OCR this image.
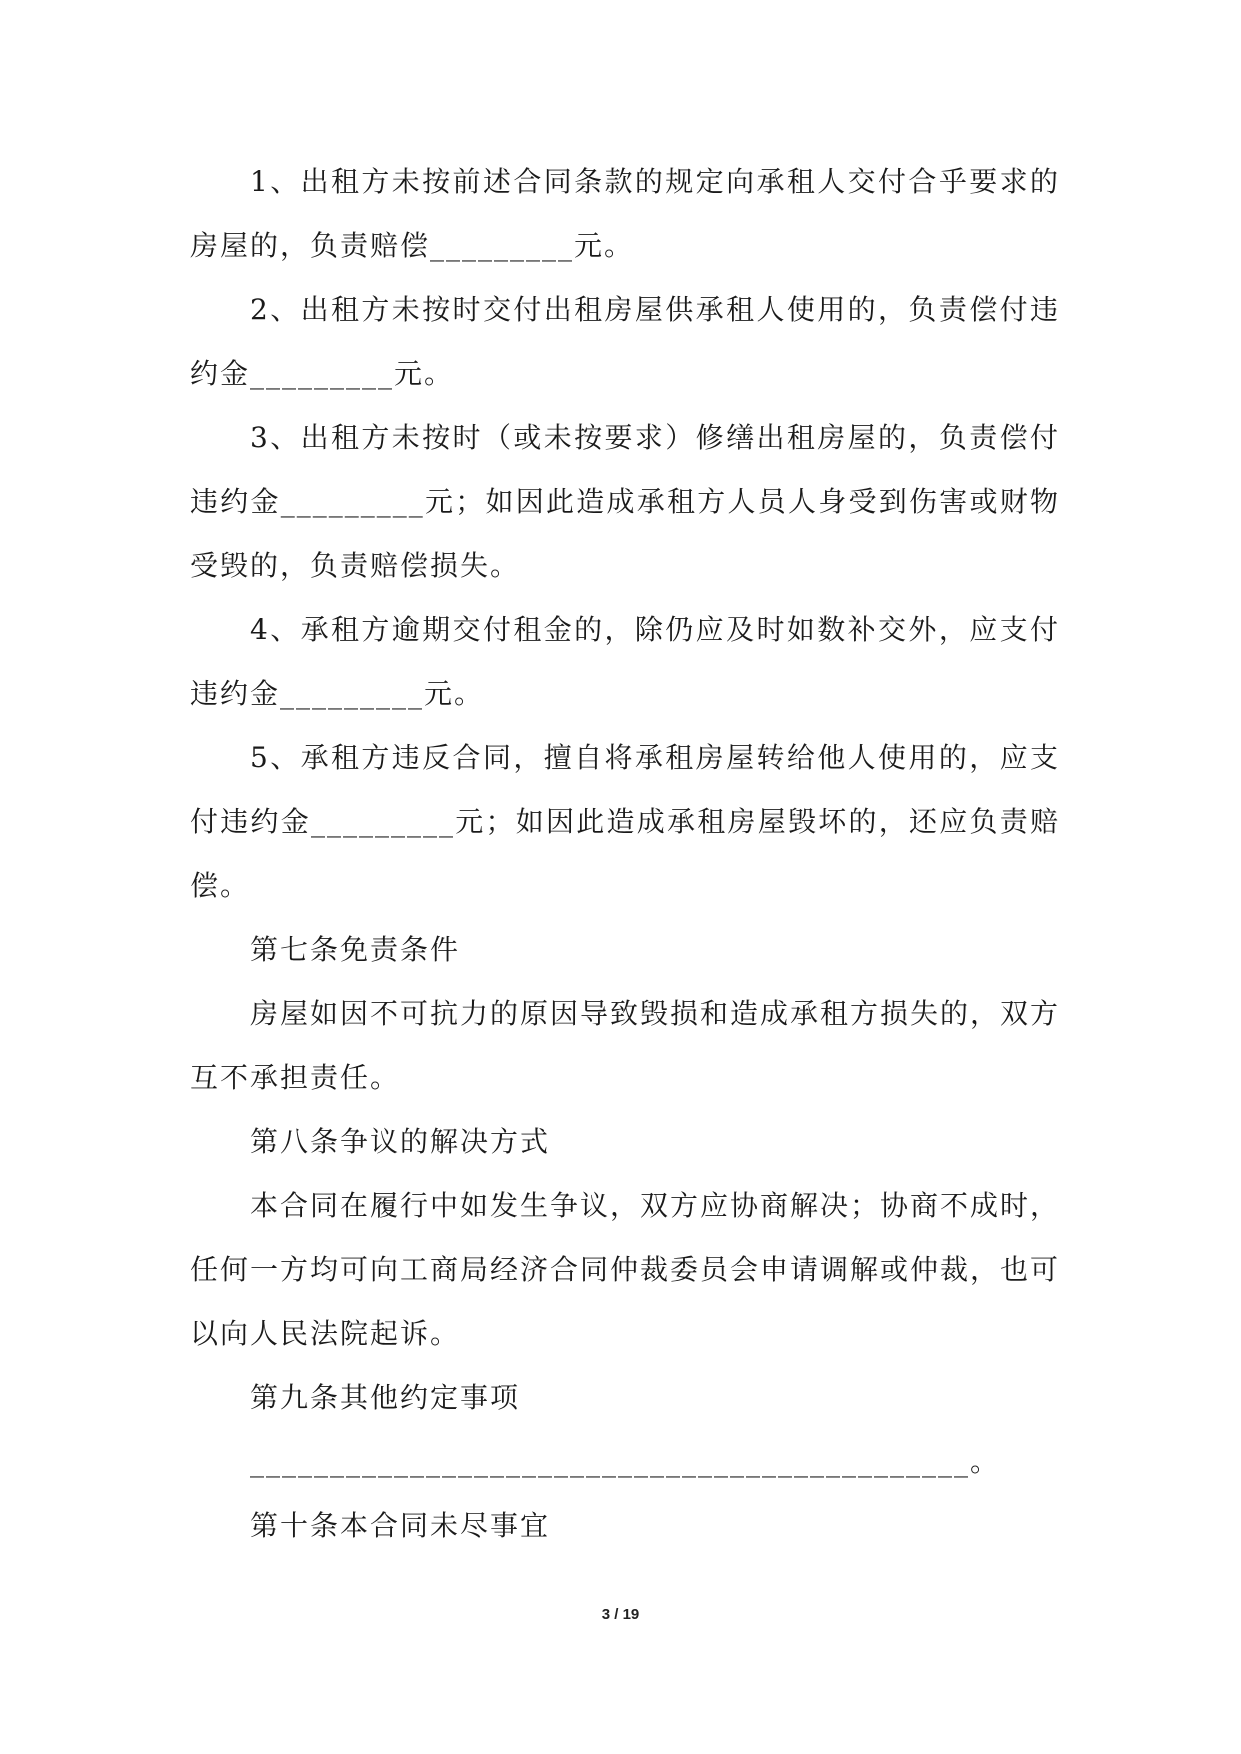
1、出租方未按前述合同条款的规定向承租人交付合乎要求的房屋的，负责赔偿_________元。

2、出租方未按时交付出租房屋供承租人使用的，负责偿付违约金_________元。

3、出租方未按时（或未按要求）修缮出租房屋的，负责偿付违约金_________元；如因此造成承租方人员人身受到伤害或财物受毁的，负责赔偿损失。

4、承租方逾期交付租金的，除仍应及时如数补交外，应支付违约金_________元。

5、承租方违反合同，擅自将承租房屋转给他人使用的，应支付违约金_________元；如因此造成承租房屋毁坏的，还应负责赔偿。

第七条免责条件

房屋如因不可抗力的原因导致毁损和造成承租方损失的，双方互不承担责任。

第八条争议的解决方式

本合同在履行中如发生争议，双方应协商解决；协商不成时，任何一方均可向工商局经济合同仲裁委员会申请调解或仲裁，也可以向人民法院起诉。

第九条其他约定事项

_____________________________________________。

第十条本合同未尽事宜

3 / 19
